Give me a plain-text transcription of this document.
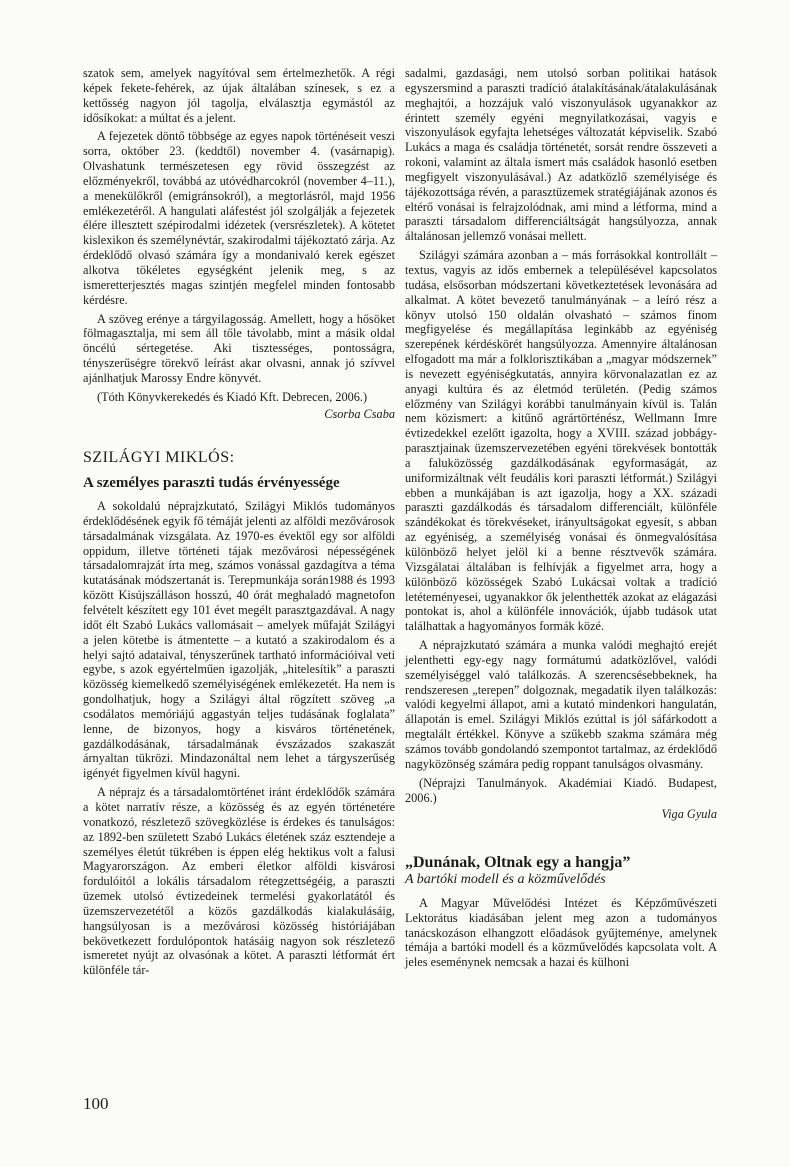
szatok sem, amelyek nagyítóval sem értelmezhetők. A régi képek fekete-fehérek, az újak általában színesek, s ez a kettősség nagyon jól tagolja, elválasztja egymástól az idősíkokat: a múltat és a jelent.

A fejezetek döntő többsége az egyes napok történéseit veszi sorra, október 23. (keddtől) november 4. (vasárnapig). Olvashatunk természetesen egy rövid összegzést az előzményekről, továbbá az utóvédharcokról (november 4–11.), a menekülőkről (emigránsokról), a megtorlásról, majd 1956 emlékezetéről. A hangulati aláfestést jól szolgálják a fejezetek élére illesztett szépirodalmi idézetek (versrészletek). A kötetet kislexikon és személynévtár, szakirodalmi tájékoztató zárja. Az érdeklődő olvasó számára így a mondanivaló kerek egészet alkotva tökéletes egységként jelenik meg, s az ismeretterjesztés magas szintjén megfelel minden fontosabb kérdésre.

A szöveg erénye a tárgyilagosság. Amellett, hogy a hősöket fölmagasztalja, mi sem áll tőle távolabb, mint a másik oldal öncélú sértegetése. Aki tisztességes, pontosságra, tényszerűségre törekvő leírást akar olvasni, annak jó szívvel ajánlhatjuk Marossy Endre könyvét.

(Tóth Könyvkerekedés és Kiadó Kft. Debrecen, 2006.)

Csorba Csaba

SZILÁGYI MIKLÓS:
A személyes paraszti tudás érvényessége

A sokoldalú néprajzkutató, Szilágyi Miklós tudományos érdeklődésének egyik fő témáját jelenti az alföldi mezővárosok társadalmának vizsgálata. Az 1970-es évektől egy sor alföldi oppidum, illetve történeti tájak mezővárosi népességének társadalomrajzát írta meg, számos vonással gazdagítva a téma kutatásának módszertanát is. Terepmunkája során1988 és 1993 között Kisújszálláson hosszú, 40 órát meghaladó magnetofon felvételt készített egy 101 évet megélt parasztgazdával. A nagy időt élt Szabó Lukács vallomásait – amelyek műfaját Szilágyi a jelen kötetbe is átmentette – a kutató a szakirodalom és a helyi sajtó adataival, tényszerűnek tartható információival veti egybe, s azok egyértelműen igazolják, „hitelesítik” a paraszti közösség kiemelkedő személyiségének emlékezetét. Ha nem is gondolhatjuk, hogy a Szilágyi által rögzített szöveg „a csodálatos memóriájú aggastyán teljes tudásának foglalata” lenne, de bizonyos, hogy a kisváros történetének, gazdálkodásának, társadalmának évszázados szakaszát árnyaltan tükrözi. Mindazonáltal nem lehet a tárgyszerűség igényét figyelmen kívül hagyni.

A néprajz és a társadalomtörténet iránt érdeklődők számára a kötet narratív része, a közösség és az egyén történetére vonatkozó, részletező szövegközlése is érdekes és tanulságos: az 1892-ben született Szabó Lukács életének száz esztendeje a személyes életút tükrében is éppen elég hektikus volt a falusi Magyarországon. Az emberi életkor alföldi kisvárosi fordulóitól a lokális társadalom rétegzettségéig, a paraszti üzemek utolsó évtizedeinek termelési gyakorlatától és üzemszervezetétől a közös gazdálkodás kialakulásáig, hangsúlyosan is a mezővárosi közösség históriájában bekövetkezett fordulópontok hatásáig nagyon sok részletező ismeretet nyújt az olvasónak a kötet. A paraszti létformát ért különféle tár-

sadalmi, gazdasági, nem utolsó sorban politikai hatások egyszersmind a paraszti tradíció átalakításának/átalakulásának meghajtói, a hozzájuk való viszonyulások ugyanakkor az érintett személy egyéni megnyilatkozásai, vagyis e viszonyulások egyfajta lehetséges változatát képviselik. Szabó Lukács a maga és családja történetét, sorsát rendre összeveti a rokoni, valamint az általa ismert más családok hasonló esetben megfigyelt viszonyulásával.) Az adatközlő személyisége és tájékozottsága révén, a parasztüzemek stratégiájának azonos és eltérő vonásai is felrajzolódnak, ami mind a létforma, mind a paraszti társadalom differenciáltságát hangsúlyozza, annak általánosan jellemző vonásai mellett.

Szilágyi számára azonban a – más forrásokkal kontrollált – textus, vagyis az idős embernek a településével kapcsolatos tudása, elsősorban módszertani következtetések levonására ad alkalmat. A kötet bevezető tanulmányának – a leíró rész a könyv utolsó 150 oldalán olvasható – számos finom megfigyelése és megállapítása leginkább az egyéniség szerepének kérdéskörét hangsúlyozza. Amennyire általánosan elfogadott ma már a folklorisztikában a „magyar módszernek” is nevezett egyéniségkutatás, annyira körvonalazatlan ez az anyagi kultúra és az életmód területén. (Pedig számos előzmény van Szilágyi korábbi tanulmányain kívül is. Talán nem közismert: a kitűnő agrártörténész, Wellmann Imre évtizedekkel ezelőtt igazolta, hogy a XVIII. század jobbágy-parasztjainak üzemszervezetében egyéni törekvések bontották a faluközösség gazdálkodásának egyformaságát, az uniformizáltnak vélt feudális kori paraszti létformát.) Szilágyi ebben a munkájában is azt igazolja, hogy a XX. századi paraszti gazdálkodás és társadalom differenciált, különféle szándékokat és törekvéseket, irányultságokat egyesít, s abban az egyéniség, a személyiség vonásai és önmegvalósítása különböző helyet jelöl ki a benne résztvevők számára. Vizsgálatai általában is felhívják a figyelmet arra, hogy a különböző közösségek Szabó Lukácsai voltak a tradíció letéteményesei, ugyanakkor ők jelenthették azokat az elágazási pontokat is, ahol a különféle innovációk, újabb tudások utat találhattak a hagyományos formák közé.

A néprajzkutató számára a munka valódi meghajtó erejét jelenthetti egy-egy nagy formátumú adatközlővel, valódi személyiséggel való találkozás. A szerencsésebbeknek, ha rendszeresen „terepen” dolgoznak, megadatik ilyen találkozás: valódi kegyelmi állapot, ami a kutató mindenkori hangulatán, állapotán is emel. Szilágyi Miklós ezúttal is jól sáfárkodott a megtalált értékkel. Könyve a szűkebb szakma számára még számos tovább gondolandó szempontot tartalmaz, az érdeklődő nagyközönség számára pedig roppant tanulságos olvasmány.

(Néprajzi Tanulmányok. Akadémiai Kiadó. Budapest, 2006.)

Viga Gyula

„Dunának, Oltnak egy a hangja”
A bartóki modell és a közművelődés

A Magyar Művelődési Intézet és Képzőművészeti Lektorátus kiadásában jelent meg azon a tudományos tanácskozáson elhangzott előadások gyűjteménye, amelynek témája a bartóki modell és a közművelődés kapcsolata volt. A jeles eseménynek nemcsak a hazai és külhoni

100
